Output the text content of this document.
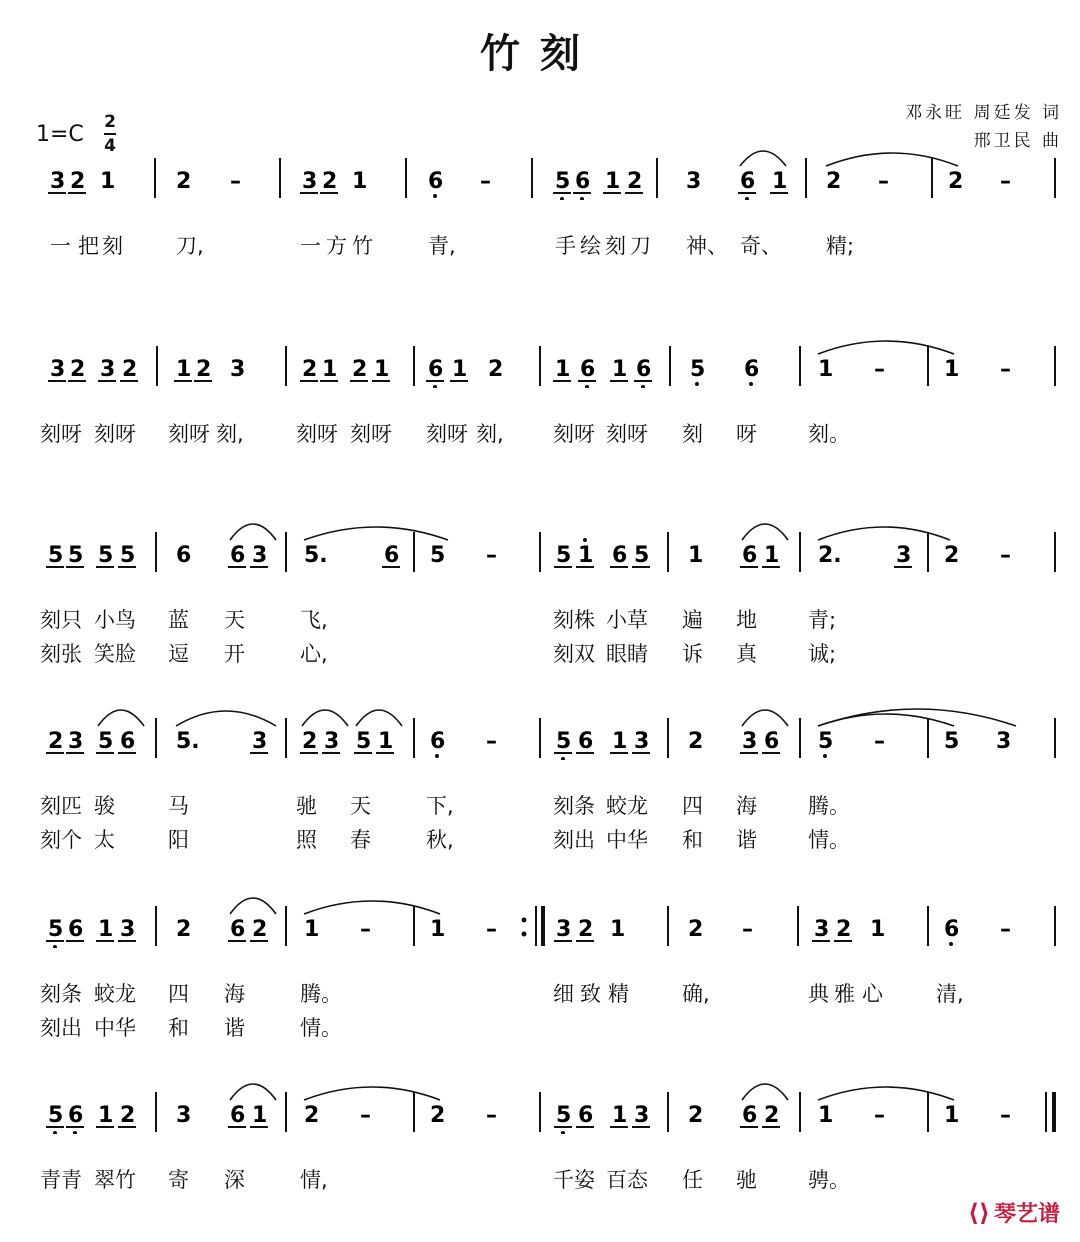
竹刻
邓永旺 周廷发 词
邢卫民 曲
1=C 2
4
3 2 1	2 –	3 2 1	6 –	5 6 1 2 3 6 1 2 –	2 –
一 把 刻	刀,	一 方 竹	青,	手 绘 刻 刀 神、 奇、 精;
3 2 3 2 1 2 3	2 1 2 1 6 1 2 1 6 1 6 5 6	1 –	1 –
刻呀 刻呀 刻呀 刻, 刻呀 刻呀 刻呀 刻, 刻呀 刻呀 刻 呀 刻。
5 5 5 5 6 6 3 5.	6 5 –	5 1 6 5 1 6 1 2. 3 2 –
刻只 小鸟 蓝 天	飞,	刻株 小草 遍 地 青;
刻张 笑脸 逗 开	心,	刻双 眼睛 诉 真 诚;
2 3 5 6 5. 3 2 3 5 1 6 –	5 6 1 3 2 3 6 5 –	5 3
刻匹 骏	马	驰 天	下,	刻条 蛟龙 四 海 腾。
刻个 太	阳	照 春	秋,	刻出 中华 和 谐 情。
5 6 1 3 2 6 2 1 –	1 –	3 2 1	2 –	3 2 1	6 –
刻条 蛟龙 四 海	腾。	细 致 精	确,	典 雅 心	清,
刻出 中华 和 谐	情。
5 6 1 2 3 6 1 2 –	2 –	5 6 1 3 2 6 2 1 –	1 –
青青 翠竹 寄 深	情,	千姿 百态 任 驰 骋。
⟨⟩ 琴艺谱
